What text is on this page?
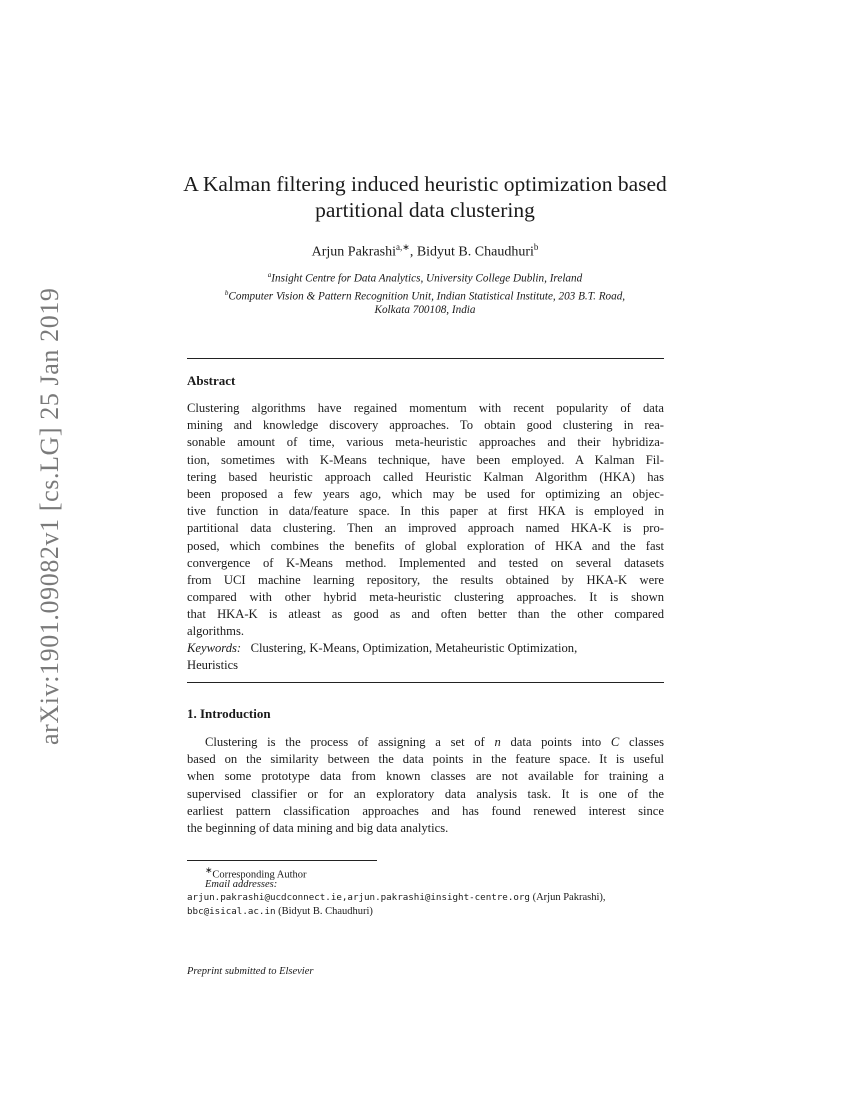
arXiv:1901.09082v1 [cs.LG] 25 Jan 2019
A Kalman filtering induced heuristic optimization based
partitional data clustering
Arjun Pakrashi$^{a,∗}$, Bidyut B. Chaudhuri$^b$
$^a$Insight Centre for Data Analytics, University College Dublin, Ireland
$^b$Computer Vision & Pattern Recognition Unit, Indian Statistical Institute, 203 B.T. Road,
Kolkata 700108, India
Abstract
Clustering algorithms have regained momentum with recent popularity of data
mining and knowledge discovery approaches. To obtain good clustering in rea-
sonable amount of time, various meta-heuristic approaches and their hybridiza-
tion, sometimes with K-Means technique, have been employed. A Kalman Fil-
tering based heuristic approach called Heuristic Kalman Algorithm (HKA) has
been proposed a few years ago, which may be used for optimizing an objec-
tive function in data/feature space. In this paper at first HKA is employed in
partitional data clustering. Then an improved approach named HKA-K is pro-
posed, which combines the benefits of global exploration of HKA and the fast
convergence of K-Means method. Implemented and tested on several datasets
from UCI machine learning repository, the results obtained by HKA-K were
compared with other hybrid meta-heuristic clustering approaches. It is shown
that HKA-K is atleast as good as and often better than the other compared
algorithms.
Keywords: Clustering, K-Means, Optimization, Metaheuristic Optimization,
Heuristics
1. Introduction
Clustering is the process of assigning a set of n data points into C classes
based on the similarity between the data points in the feature space. It is useful
when some prototype data from known classes are not available for training a
supervised classifier or for an exploratory data analysis task. It is one of the
earliest pattern classification approaches and has found renewed interest since
the beginning of data mining and big data analytics.
∗Corresponding Author
Email addresses:
arjun.pakrashi@ucdconnect.ie,arjun.pakrashi@insight-centre.org (Arjun Pakrashi),
bbc@isical.ac.in (Bidyut B. Chaudhuri)
Preprint submitted to Elsevier
